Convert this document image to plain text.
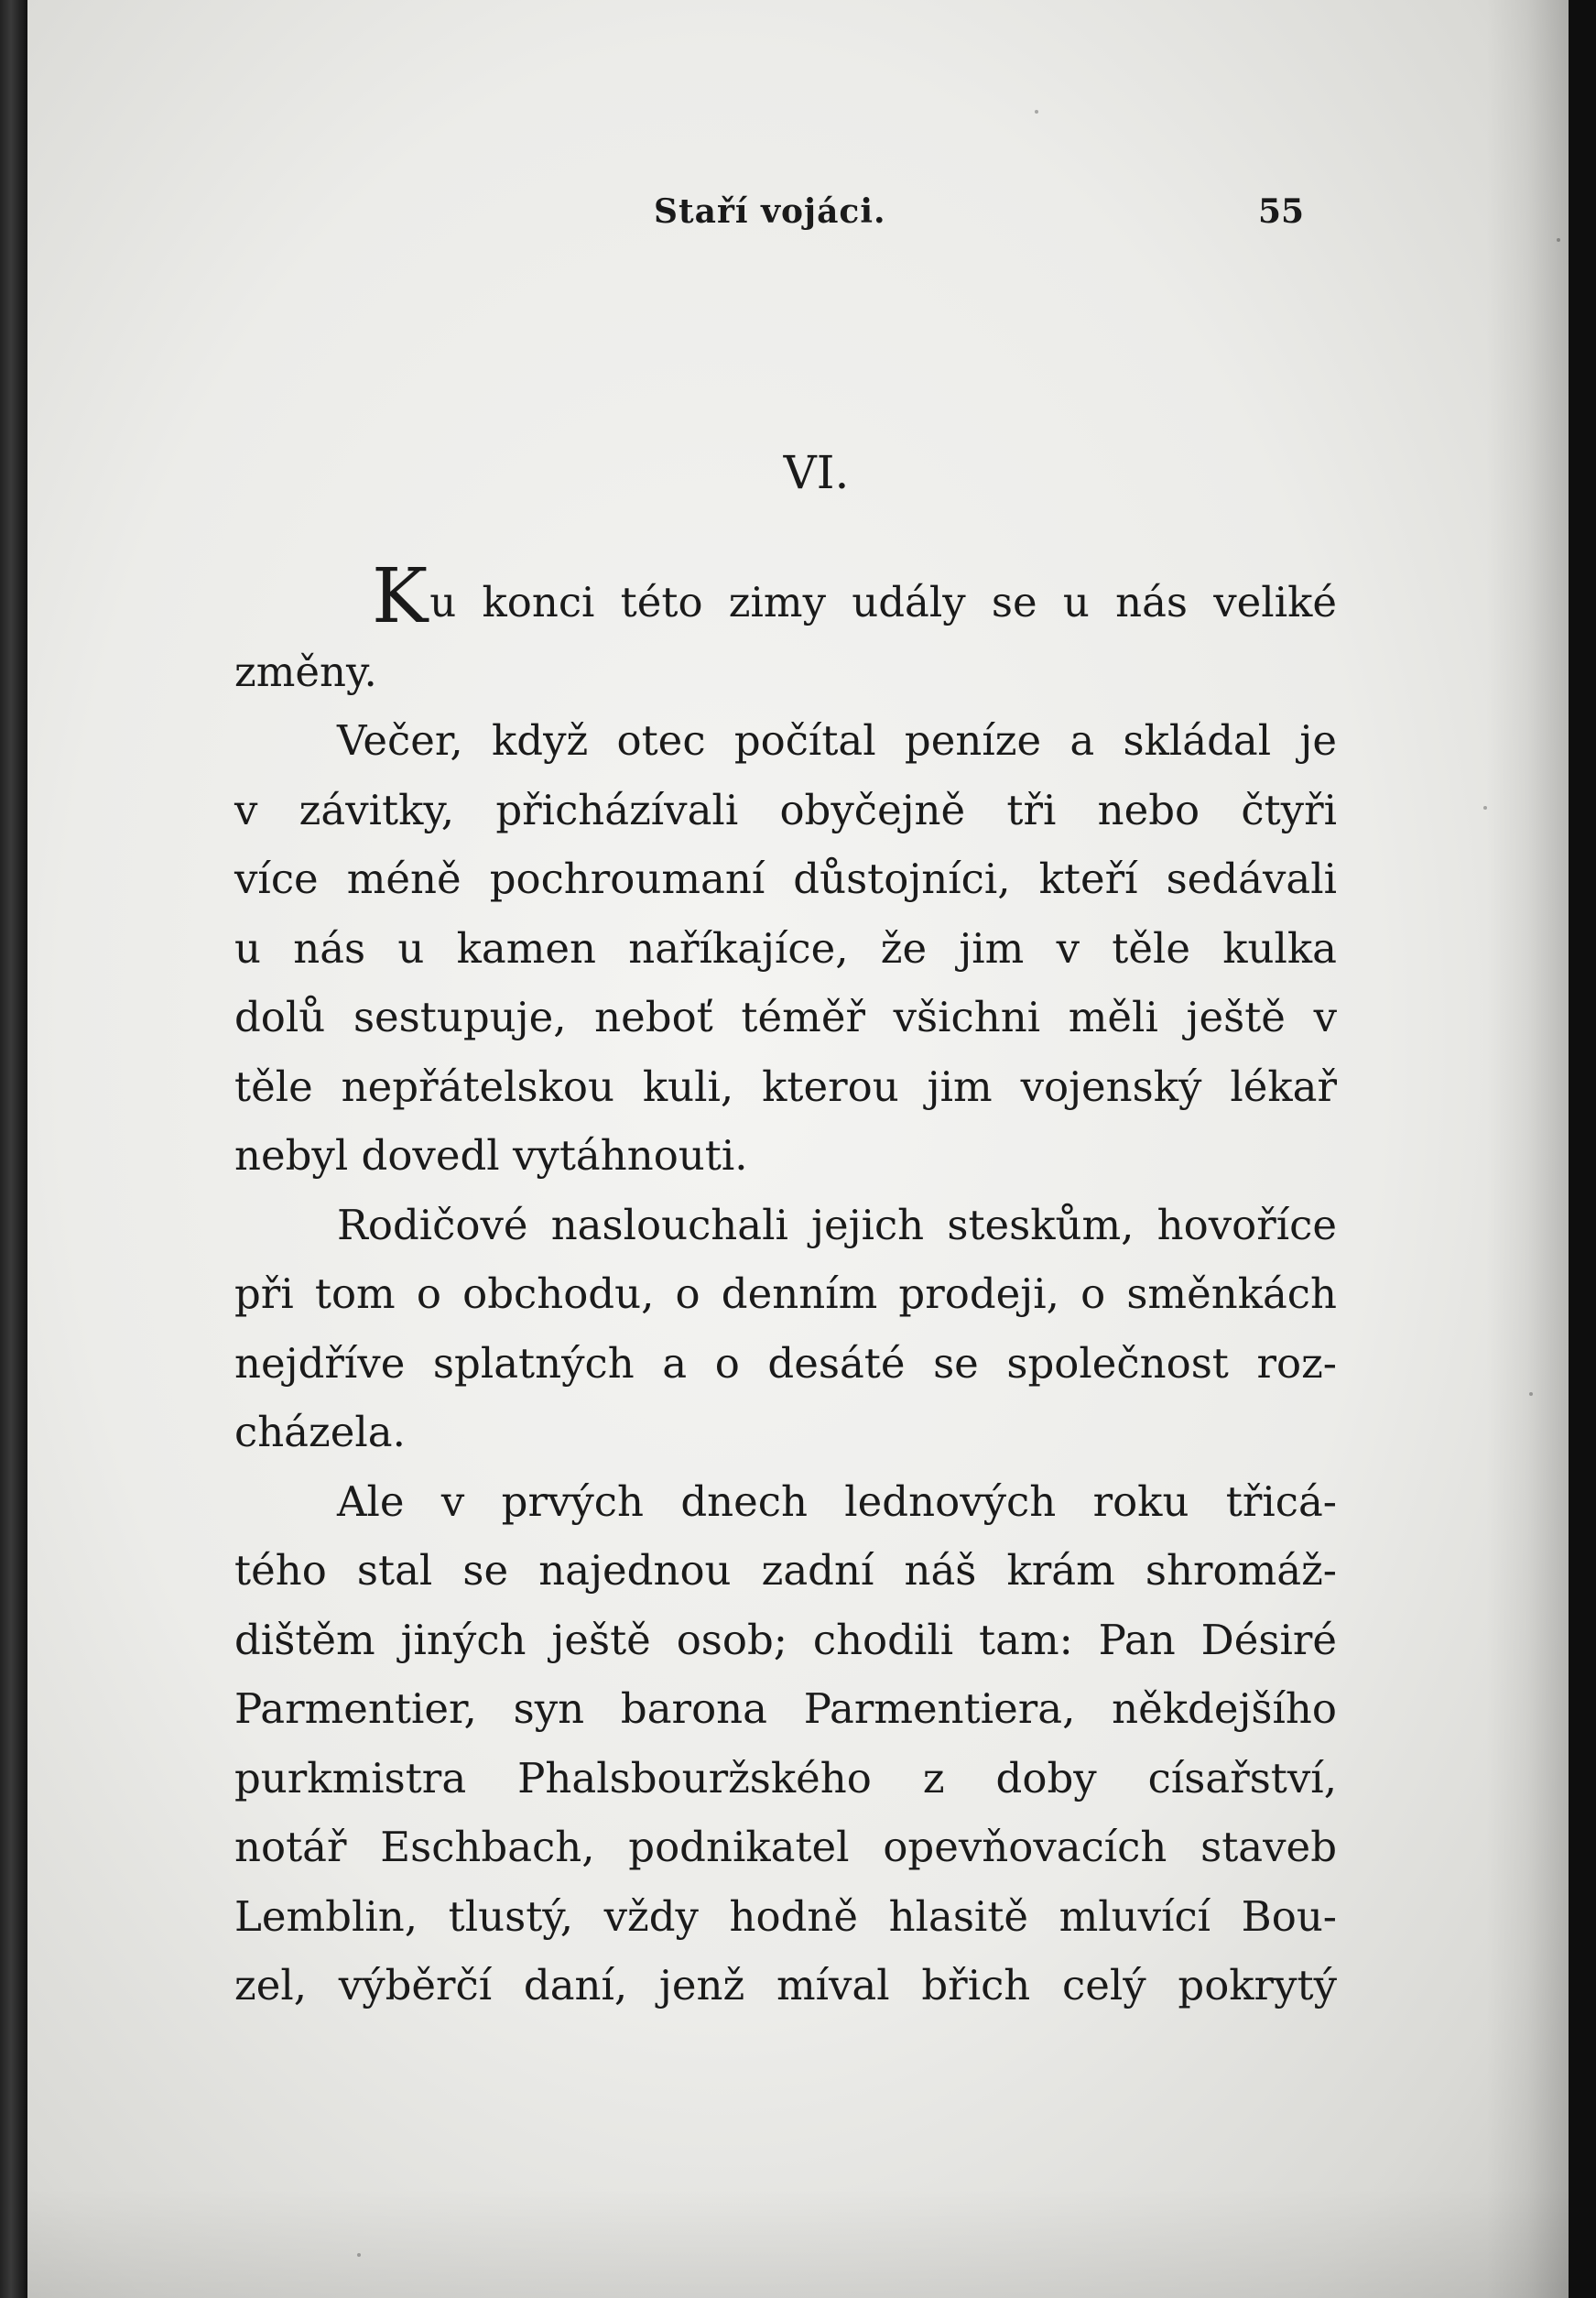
Staří vojáci.	55
VI.
Ku konci této zimy udály se u nás veliké
změny.
Večer, když otec počítal peníze a skládal je
v závitky, přicházívali obyčejně tři nebo čtyři
více méně pochroumaní důstojníci, kteří sedávali
u nás u kamen naříkajíce, že jim v těle kulka
dolů sestupuje, neboť téměř všichni měli ještě v
těle nepřátelskou kuli, kterou jim vojenský lékař
nebyl dovedl vytáhnouti.
Rodičové naslouchali jejich steskům, hovoříce
při tom o obchodu, o denním prodeji, o směnkách
nejdříve splatných a o desáté se společnost roz-
cházela.
Ale v prvých dnech lednových roku třicá-
tého stal se najednou zadní náš krám shromáž-
dištěm jiných ještě osob; chodili tam: Pan Désiré
Parmentier, syn barona Parmentiera, někdejšího
purkmistra Phalsbouržského z doby císařství,
notář Eschbach, podnikatel opevňovacích staveb
Lemblin, tlustý, vždy hodně hlasitě mluvící Bou-
zel, výběrčí daní, jenž míval břich celý pokrytý
